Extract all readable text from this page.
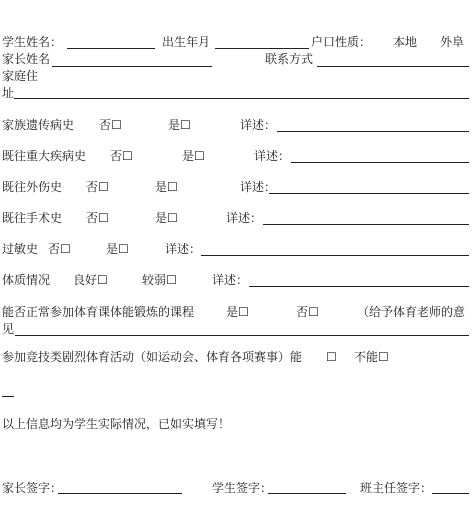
学生姓名：	出生年月	户口性质： 本地 外阜
家长姓名	联系方式
家庭住
址
家族遗传病史 否 ☐	是 ☐	详述：
既往重大疾病史 否 ☐	是 ☐	详述：
既往外伤史 否 ☐	是 ☐	详述：
既往手术史 否 ☐	是 ☐	详述：
过敏史 否 ☐	是 ☐	详述：
体质情况 良好 ☐	较弱 ☐	详述：
能否正常参加体育课体能锻炼的课程	是 ☐	否 ☐	（给予体育老师的意
见
参加竞技类剧烈体育活动（如运动会、体育各项赛事）能 ☐ 不能 ☐
以上信息均为学生实际情况，已如实填写！
家长签字：	学生签字：	班主任签字：
